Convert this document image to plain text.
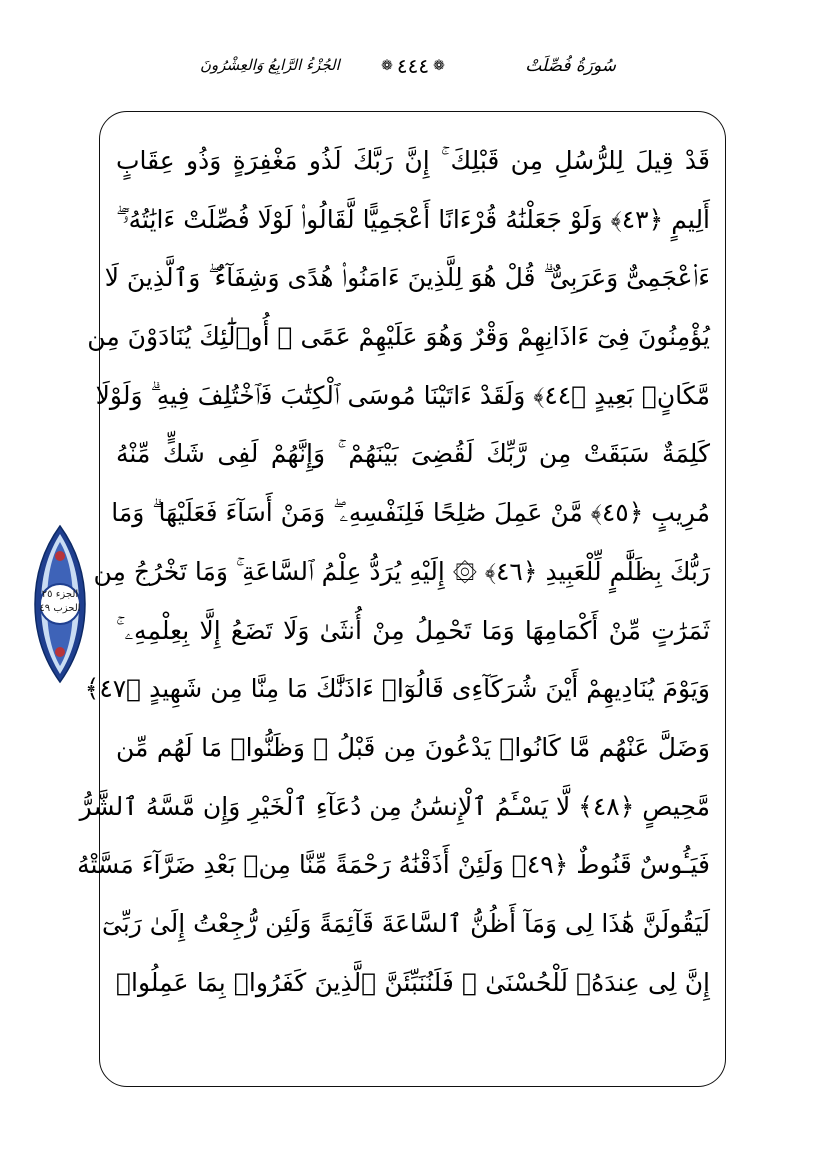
سُورَةُ فُصِّلَتْ
❁ ٤٤٤ ❁
الجُزْءُ الرَّابِعُ وَالعِشْرُونَ
قَدْ قِيلَ لِلرُّسُلِ مِن قَبْلِكَ ۚ إِنَّ رَبَّكَ لَذُو مَغْفِرَةٍ وَذُو عِقَابٍ
أَلِيمٍ ﴿٤٣﴾ وَلَوْ جَعَلْنَٰهُ قُرْءَانًا أَعْجَمِيًّا لَّقَالُوا۟ لَوْلَا فُصِّلَتْ ءَايَٰتُهُۥٓ ۖ
ءَا۬عْجَمِىٌّ وَعَرَبِىٌّ ۗ قُلْ هُوَ لِلَّذِينَ ءَامَنُوا۟ هُدًى وَشِفَآءٌ ۖ وَٱلَّذِينَ لَا
يُؤْمِنُونَ فِىٓ ءَاذَانِهِمْ وَقْرٌ وَهُوَ عَلَيْهِمْ عَمًى ۚ أُو۟لَٰٓئِكَ يُنَادَوْنَ مِن
مَّكَانٍۭ بَعِيدٍ ﴿٤٤﴾ وَلَقَدْ ءَاتَيْنَا مُوسَى ٱلْكِتَٰبَ فَٱخْتُلِفَ فِيهِ ۗ وَلَوْلَا
كَلِمَةٌ سَبَقَتْ مِن رَّبِّكَ لَقُضِىَ بَيْنَهُمْ ۚ وَإِنَّهُمْ لَفِى شَكٍّ مِّنْهُ
مُرِيبٍ ﴿٤٥﴾ مَّنْ عَمِلَ صَٰلِحًا فَلِنَفْسِهِۦ ۖ وَمَنْ أَسَآءَ فَعَلَيْهَا ۗ وَمَا
رَبُّكَ بِظَلَّٰمٍ لِّلْعَبِيدِ ﴿٤٦﴾ ۞ إِلَيْهِ يُرَدُّ عِلْمُ ٱلسَّاعَةِ ۚ وَمَا تَخْرُجُ مِن
ثَمَرَٰتٍ مِّنْ أَكْمَامِهَا وَمَا تَحْمِلُ مِنْ أُنثَىٰ وَلَا تَضَعُ إِلَّا بِعِلْمِهِۦ ۚ
وَيَوْمَ يُنَادِيهِمْ أَيْنَ شُرَكَآءِى قَالُوٓا۟ ءَاذَنَّٰكَ مَا مِنَّا مِن شَهِيدٍ ﴿٤٧﴾
وَضَلَّ عَنْهُم مَّا كَانُوا۟ يَدْعُونَ مِن قَبْلُ ۖ وَظَنُّوا۟ مَا لَهُم مِّن
مَّحِيصٍ ﴿٤٨﴾ لَّا يَسْـَٔمُ ٱلْإِنسَٰنُ مِن دُعَآءِ ٱلْخَيْرِ وَإِن مَّسَّهُ ٱلشَّرُّ
فَيَـُٔوسٌ قَنُوطٌ ﴿٤٩﴾ وَلَئِنْ أَذَقْنَٰهُ رَحْمَةً مِّنَّا مِنۢ بَعْدِ ضَرَّآءَ مَسَّتْهُ
لَيَقُولَنَّ هَٰذَا لِى وَمَآ أَظُنُّ ٱلسَّاعَةَ قَآئِمَةً وَلَئِن رُّجِعْتُ إِلَىٰ رَبِّىٓ
إِنَّ لِى عِندَهُۥ لَلْحُسْنَىٰ ۚ فَلَنُنَبِّئَنَّ ٱلَّذِينَ كَفَرُوا۟ بِمَا عَمِلُوا۟
الجزء ٢٥
الحزب ٤٩
